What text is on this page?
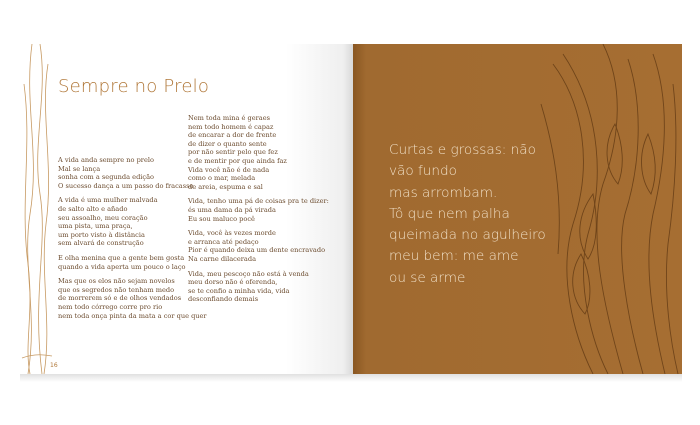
Sempre no Prelo
A vida anda sempre no prelo
Mal se lança
sonha com a segunda edição
O sucesso dança a um passo do fracasso
A vida é uma mulher malvada
de salto alto e añado
seu assoalho, meu coração
uma pista, uma praça,
um porto visto à distância
sem alvará de construção
E olha menina que a gente bem gosta
quando a vida aperta um pouco o laço
Mas que os elos não sejam novelos
que os segredos não tenham medo
de morrerem só e de olhos vendados
nem todo córrego corre pro rio
nem toda onça pinta da mata a cor que quer
Nem toda mina é geraes
nem todo homem é capaz
de encarar a dor de frente
de dizer o quanto sente
por não sentir pelo que fez
e de mentir por que ainda faz
Vida você não é de nada
como o mar, melada
de areia, espuma e sal
Vida, tenho uma pá de coisas pra te dizer:
és uma dama da pá virada
Eu sou maluco pocê
Vida, você às vezes morde
e arranca até pedaço
Pior é quando deixa um dente encravado
Na carne dilacerada
Vida, meu pescoço não está à venda
meu dorso não é oferenda,
se te confio a minha vida, vida
desconfiando demais
16
Curtas e grossas: não
vão fundo
mas arrombam.
Tô que nem palha
queimada no agulheiro
meu bem: me ame
ou se arme
